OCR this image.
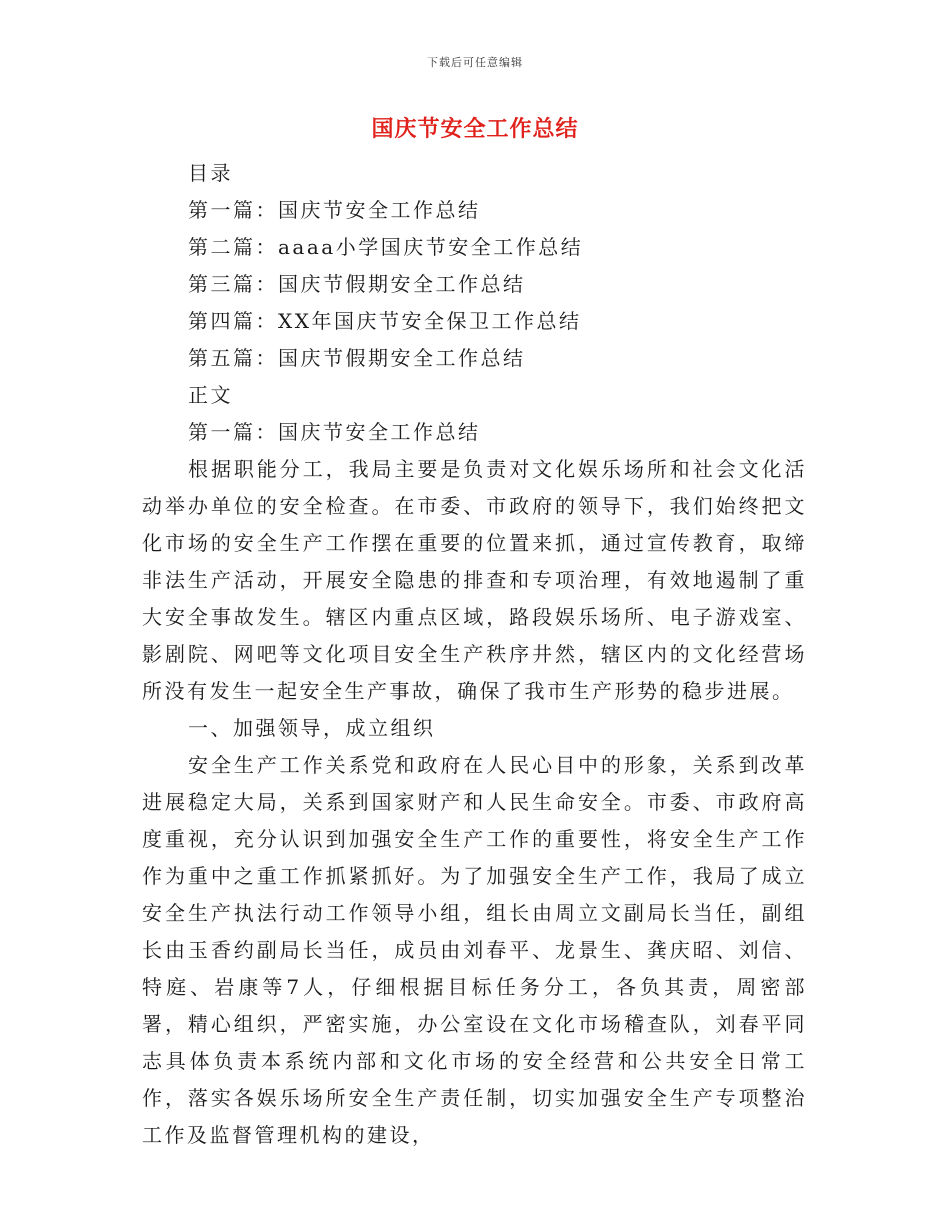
下载后可任意编辑
国庆节安全工作总结

目录

第一篇：国庆节安全工作总结

第二篇：aaaa小学国庆节安全工作总结

第三篇：国庆节假期安全工作总结

第四篇：XX年国庆节安全保卫工作总结

第五篇：国庆节假期安全工作总结

正文

第一篇：国庆节安全工作总结

根据职能分工，我局主要是负责对文化娱乐场所和社会文化活动举办单位的安全检查。在市委、市政府的领导下，我们始终把文化市场的安全生产工作摆在重要的位置来抓，通过宣传教育，取缔非法生产活动，开展安全隐患的排查和专项治理，有效地遏制了重大安全事故发生。辖区内重点区域，路段娱乐场所、电子游戏室、影剧院、网吧等文化项目安全生产秩序井然，辖区内的文化经营场所没有发生一起安全生产事故，确保了我市生产形势的稳步进展。

一、加强领导，成立组织

安全生产工作关系党和政府在人民心目中的形象，关系到改革进展稳定大局，关系到国家财产和人民生命安全。市委、市政府高度重视，充分认识到加强安全生产工作的重要性，将安全生产工作作为重中之重工作抓紧抓好。为了加强安全生产工作，我局了成立安全生产执法行动工作领导小组，组长由周立文副局长当任，副组长由玉香约副局长当任，成员由刘春平、龙景生、龚庆昭、刘信、特庭、岩康等7人，仔细根据目标任务分工，各负其责，周密部署，精心组织，严密实施，办公室设在文化市场稽查队，刘春平同志具体负责本系统内部和文化市场的安全经营和公共安全日常工作，落实各娱乐场所安全生产责任制，切实加强安全生产专项整治工作及监督管理机构的建设，
